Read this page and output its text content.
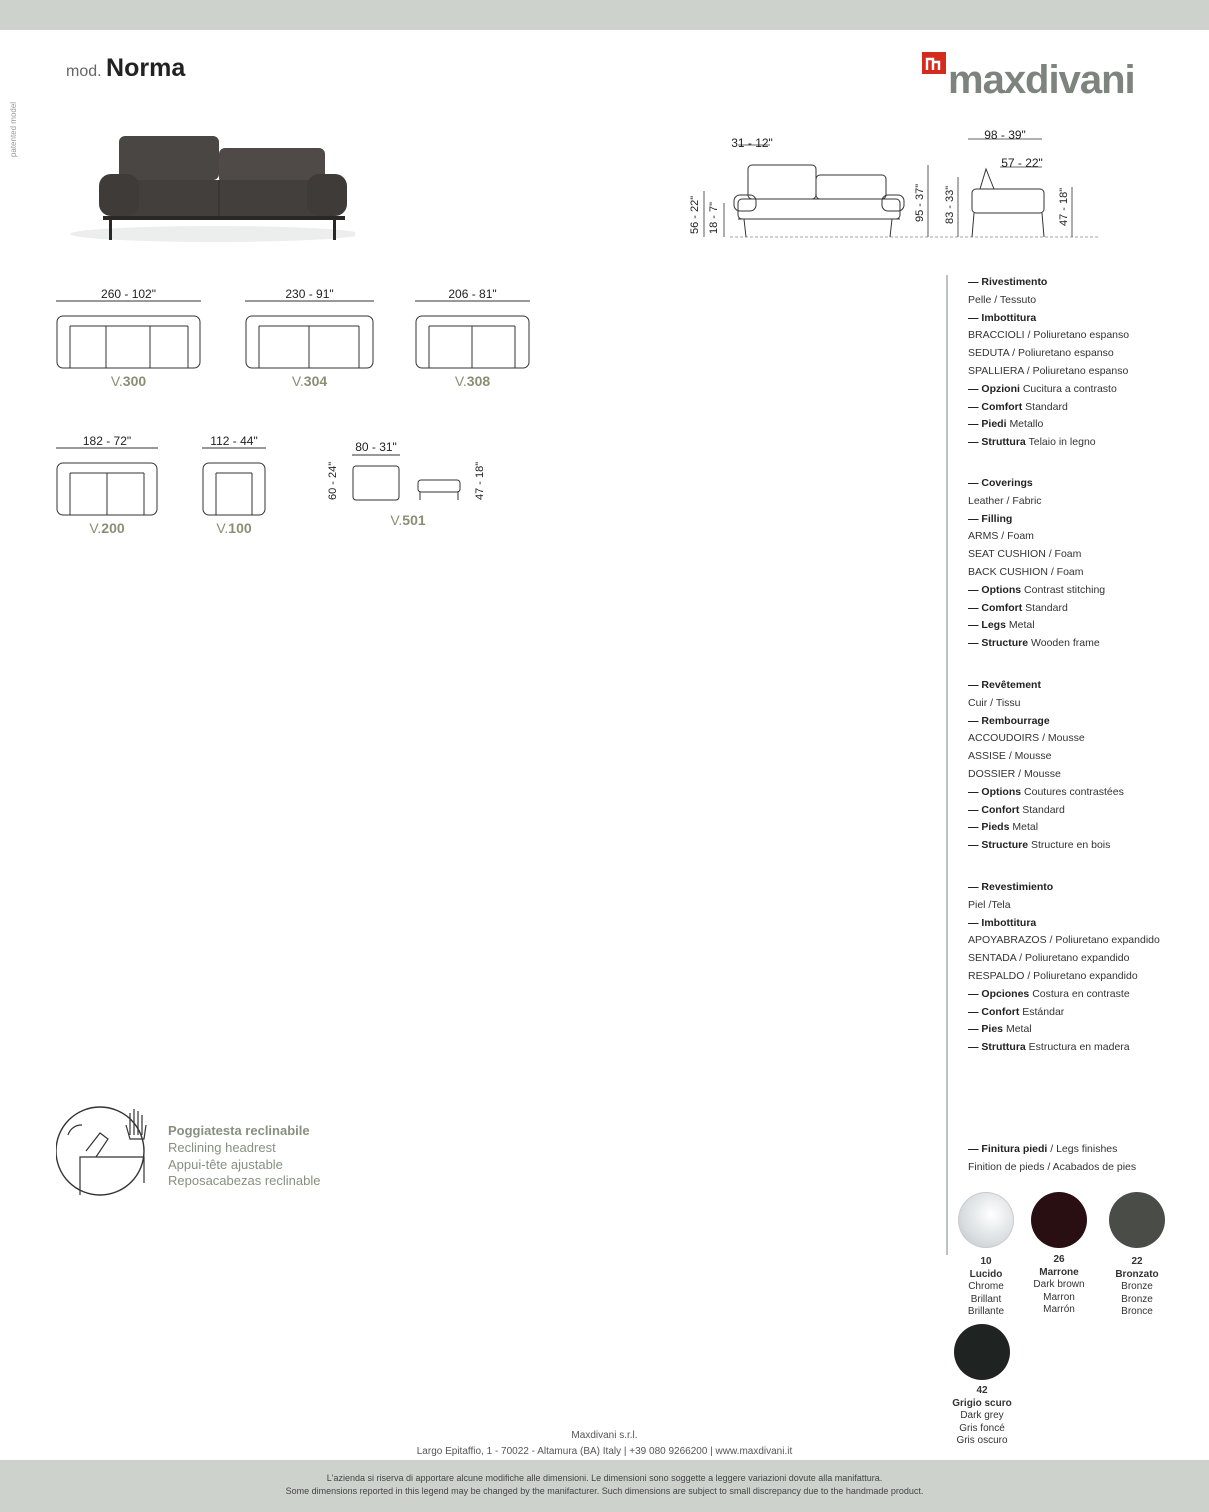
mod. Norma
patented model
maxdivani
31 - 12"
98 - 39"
57 - 22"
56 - 22" 18 - 7"	95 - 37" 83 - 33"	47 - 18"
260 - 102"
V.300
230 - 91"
V.304
206 - 81"
V.308
182 - 72"
V.200
112 - 44"
V.100
80 - 31"
60 - 24"	47 - 18"
V.501
— Rivestimento
Pelle / Tessuto
— Imbottitura
BRACCIOLI / Poliuretano espanso
SEDUTA / Poliuretano espanso
SPALLIERA / Poliuretano espanso
— Opzioni Cucitura a contrasto
— Comfort Standard
— Piedi Metallo
— Struttura Telaio in legno
— Coverings
Leather / Fabric
— Filling
ARMS / Foam
SEAT CUSHION / Foam
BACK CUSHION / Foam
— Options Contrast stitching
— Comfort Standard
— Legs Metal
— Structure Wooden frame
— Revêtement
Cuir / Tissu
— Rembourrage
ACCOUDOIRS / Mousse
ASSISE / Mousse
DOSSIER / Mousse
— Options Coutures contrastées
— Confort Standard
— Pieds Metal
— Structure Structure en bois
— Revestimiento
Piel /Tela
— Imbottitura
APOYABRAZOS / Poliuretano expandido
SENTADA / Poliuretano expandido
RESPALDO / Poliuretano expandido
— Opciones Costura en contraste
— Confort Estándar
— Pies Metal
— Struttura Estructura en madera
— Finitura piedi / Legs finishes
Finition de pieds / Acabados de pies
10
Lucido
Chrome
Brillant
Brillante
26
Marrone
Dark brown
Marron
Marrón
22
Bronzato
Bronze
Bronze
Bronce
42
Grigio scuro
Dark grey
Gris foncé
Gris oscuro
Poggiatesta reclinabile
Reclining headrest
Appui-tête ajustable
Reposacabezas reclinable
Maxdivani s.r.l.
Largo Epitaffio, 1 - 70022 - Altamura (BA) Italy | +39 080 9266200 | www.maxdivani.it
L'azienda si riserva di apportare alcune modifiche alle dimensioni. Le dimensioni sono soggette a leggere variazioni dovute alla manifattura.
Some dimensions reported in this legend may be changed by the manifacturer. Such dimensions are subject to small discrepancy due to the handmade product.
